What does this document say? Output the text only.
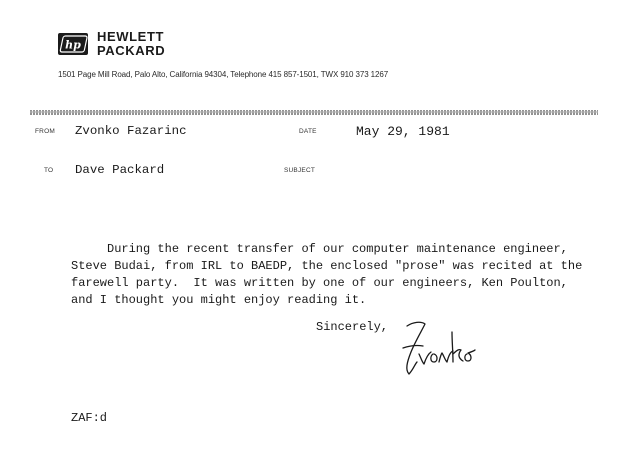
hp
HEWLETT
PACKARD
1501 Page Mill Road, Palo Alto, California 94304, Telephone 415 857-1501, TWX 910 373 1267
FROM Zvonko Fazarinc	DATE	May 29, 1981
TO Dave Packard	SUBJECT
During the recent transfer of our computer maintenance engineer,
Steve Budai, from IRL to BAEDP, the enclosed "prose" was recited at the
farewell party.  It was written by one of our engineers, Ken Poulton,
and I thought you might enjoy reading it.
Sincerely,
ZAF:d
